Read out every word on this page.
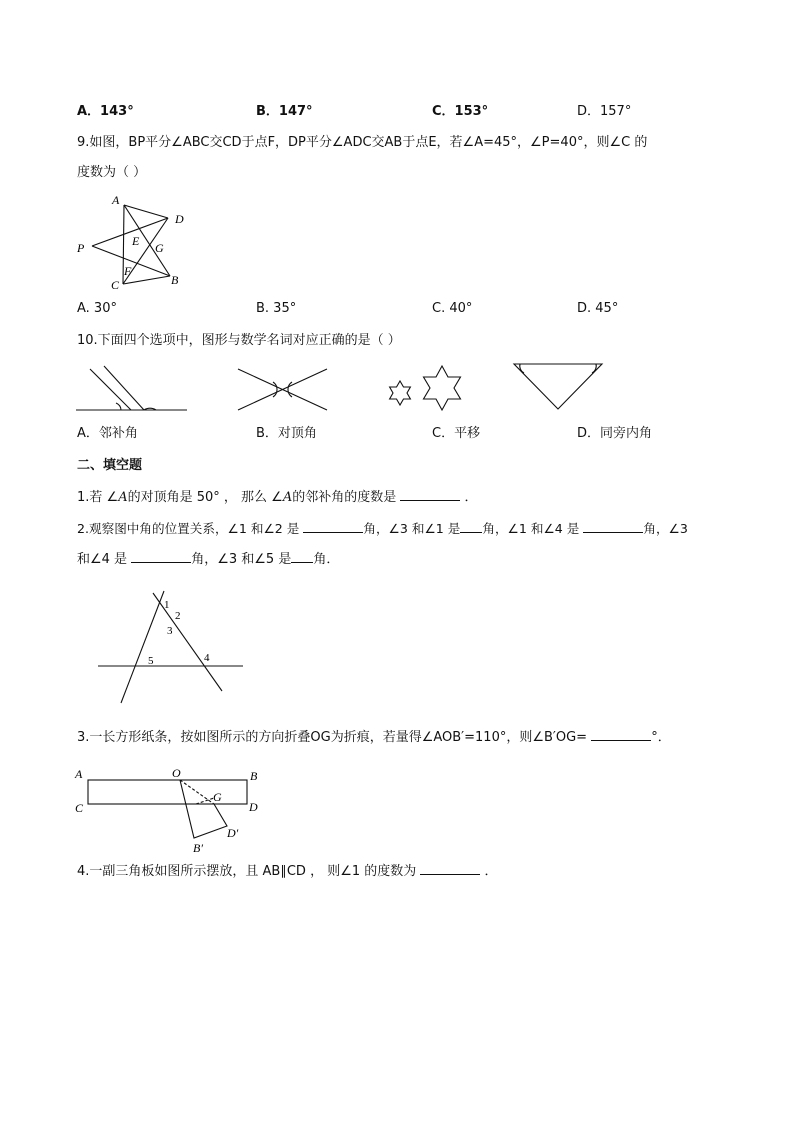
A．143°	B．147°	C．153°	D．157°
9.如图，BP平分∠ABC交CD于点F，DP平分∠ADC交AB于点E，若∠A=45°，∠P=40°，则∠C 的
度数为（ ）
A
D
P	E G
F
C	B
A. 30°	B. 35°	C. 40°	D. 45°
10.下面四个选项中，图形与数学名词对应正确的是（ ）
A．邻补角	B．对顶角	C．平移	D．同旁内角
二、填空题
1.若 ∠A的对顶角是 50° ， 那么 ∠A的邻补角的度数是	．
2.观察图中角的位置关系，∠1 和∠2 是	角，∠3 和∠1 是 角，∠1 和∠4 是	角，∠3
和∠4 是	角，∠3 和∠5 是 角．
1
2
3
4
5
3.一长方形纸条，按如图所示的方向折叠OG为折痕，若量得∠AOB′=110°，则∠B′OG=	°．
A	O	B
C
G
D
D′
B′
4.一副三角板如图所示摆放，且 AB∥CD ， 则∠1 的度数为	．
